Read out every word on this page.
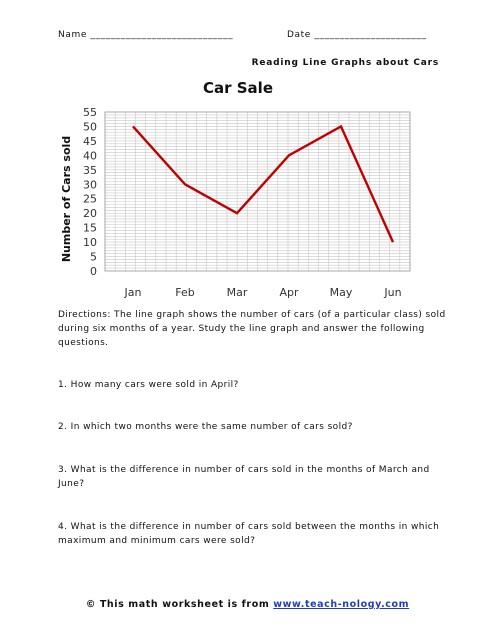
Name ____________________________	Date ______________________
Reading Line Graphs about Cars
Car Sale
Number of Cars sold
0
5
10
15
20
25
30
35
40
45
50
55
Jan	Feb	Mar	Apr	May	Jun
Directions: The line graph shows the number of cars (of a particular class) sold during six months of a year. Study the line graph and answer the following questions.
1. How many cars were sold in April?
2. In which two months were the same number of cars sold?
3. What is the difference in number of cars sold in the months of March and June?
4. What is the difference in number of cars sold between the months in which maximum and minimum cars were sold?
© This math worksheet is from www.teach-nology.com
